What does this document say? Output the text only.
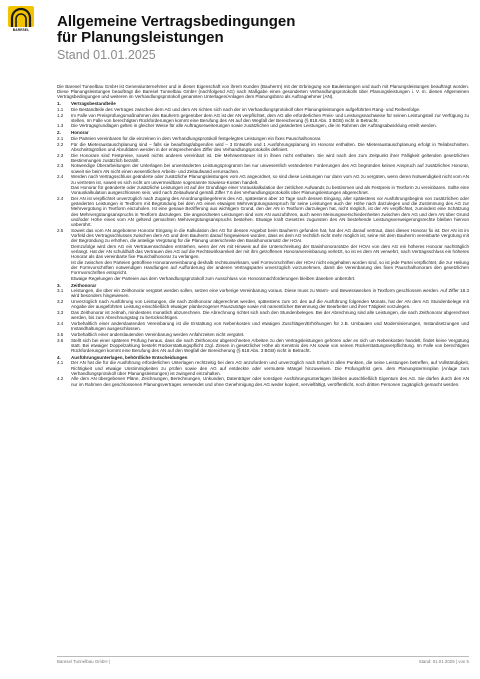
BARESEL	Allgemeine Vertragsbedingungen
für Planungsleistungen
Stand 01.01.2025
Die Baresel Tunnelbau GmbH ist Generalunternehmer und in dieser Eigenschaft von ihrem Kunden (Bauherrn) mit der Erbringung von Bauleistungen und auch mit Planungsleistungen beauftragt worden. Diese Planungsleistungen beauftragt die Baresel Tunnelbau GmbH (nachfolgend AG) nach Maßgabe eines gesonderten Verhandlungsprotokolls über Planungsleistungen i. V. m. diesen Allgemeinen Vertragsbedingungen und weiteren im Verhandlungsprotokoll genannten Unterlagen/Anlagen dem Planungsbüro als Auftragnehmer (AN).
1.	Vertragsbestandteile
1.1	Die Bestandteile des Vertrages zwischen dem AG und dem AN richten sich nach der im Verhandlungsprotokoll über Planungsleistungen aufgeführten Rang- und Reihenfolge.
1.2	Im Falle von Preisprüfungsmaßnahmen des Bauherrn gegenüber dem AG ist der AN verpflichtet, dem AG alle erforderlichen Preis- und Leistungsnachweise für seinen Leistungsteil zur Verfügung zu stellen. Im Falle von berechtigten Rückforderungen kommt eine Berufung des AN auf den Wegfall der Bereicherung (§ 818 Abs. 3 BGB) nicht in Betracht.
1.3	Die Vertragsgrundlagen gelten in gleicher Weise für alle Auftragserweiterungen sowie zusätzlichen und geänderten Leistungen, die im Rahmen der Auftragsabwicklung erteilt werden.
2.	Honorar
2.1	Die Parteien vereinbaren für die einzelnen in dem Verhandlungsprotokoll festgelegten Leistungen ein fixes Pauschalhonorar.
2.2	Für die Mieteraustauschplanung sind – falls sie beauftragt/abgerufen wird – 3 Entwürfe und 1 Ausführungsplanung im Honorar enthalten. Die Mieteraustauschplanung erfolgt in Teilabschnitten. Abschnittsgrößen und Abrufdaten werden in der entsprechenden Ziffer des Verhandlungsprotokolls definiert.
2.3	Die Honorare sind Festpreise, soweit nichts anderes vereinbart ist. Die Mehrwertsteuer ist in ihnen nicht enthalten. Sie wird nach den zum Zeitpunkt ihrer Fälligkeit geltenden gesetzlichen Bestimmungen zusätzlich bezahlt.
2.3	Notwendige Überarbeitungen der Unterlagen bei unveränderten Leistungsprogramm bei nur unwesentlich veränderten Forderungen des AG begründen keinen Anspruch auf zusätzliches Honorar, soweit sie beim AN nicht einen wesentlichen Arbeits- und Zeitaufwand verursachen.
2.4	Werden nach Vertragsschluss geänderte oder zusätzliche Planungsleistungen vom AG angeordnet, so sind diese Leistungen nur dann vom AG zu vergüten, wenn deren Notwendigkeit nicht vom AN zu vertreten ist, soweit es sich nicht um unvermeidbare sogenannte Sowieso-Kosten handelt.
Das Honorar für geänderte oder zusätzliche Leistungen ist auf der Grundlage einer Vorauskalkulation der zeitlichen Aufwands zu bestimmen und als Festpreis in Textform zu vereinbaren. Sollte eine Vorauskalkulation ausgeschlossen sein, wird nach Zeitaufwand gemäß Ziffer 7.6 des Verhandlungsprotokolls über Planungsleistungen abgerechnet.
2.4	Der AN ist verpflichtet unverzüglich nach Zugang des Anordnungsbegehrens des AG, spätestens aber 10 Tage nach dessen Eingang, aller spätestens vor Ausführungsbeginn von zusätzlichen oder geänderten Leistungen in Textform mit Begründung bei dem AG einen etwaigen Mehrvergütungsanspruch für seine Leistungen auch der Höhe nach darzulegen und die Zustimmung des AG zur Mehrvergütung in Textform einzuholen. Ist eine genaue Bezifferung aus wichtigem Grund, den der AN in Textform darzulegen hat, nicht möglich, ist der AN verpflichtet, zumindest eine Schätzung des Mehrvergütungsanspruchs in Textform darzulegen. Die angeordneten Leistungen sind vom AN auszuführen, auch wenn Meinungsverschiedenheiten zwischen dem AG und dem AN über Grund und/oder Höhe eines vom AN geltend gemachten Mehrvergütungsanspruchs bestehen. Etwaige kraft Gesetzes zugunsten des AN bestehende Leistungsverweigerungsrechte bleiben hiervon unberührt.
2.5	Soweit das vom AN angebotene Honorar Eingang in die Kalkulation des AG für dessen Angebot beim Bauherrn gefunden hat, hat der AG darauf vertraut, dass dieses Honorar fix ist. Der AN ist im Vorfeld des Vertragsschlusses zwischen dem AG und dem Bauherrn darauf hingewiesen worden, dass es dem AG rechtlich nicht mehr möglich ist, seine mit dem Bauherrn vereinbarte Vergütung mit der Begründung zu erhöhen, die anteilige Vergütung für die Planung unterschreite den Basishonorarsatz der HOAI.
Demzufolge wird dem AG ein Vertrauensschaden entstehen, wenn der AN mit Hinweis auf die Unterschreitung der Basishonorarsätze der HOAI von dem AG ein höheres Honorar nachträglich verlangt. Hat der AN schuldhaft das Vertrauen des AG auf die Rechtswirksamkeit der mit ihm getroffenen Honorarvereinbarung verletzt, so ist es dem AN verwehrt, nach Vertragsschluss ein höheres Honorar als das vereinbarte fixe Pauschalhonorar zu verlangen.
Ist die zwischen den Parteien getroffene Honorarvereinbarung deshalb rechtsunwirksam, weil Formvorschriften der HOAI nicht eingehalten worden sind, so ist jede Partei verpflichtet, die zur Heilung der Formvorschriften notwendigen Handlungen auf Aufforderung der anderen Vertragspartei unverzüglich vorzunehmen, damit die Vereinbarung des fixen Pauschalhonorars den gesetzlichen Formvorschriften entspricht.
Etwaige Regelungen der Parteien aus dem Verhandlungsprotokoll zum Ausschluss von Honorarnachforderungen bleiben daneben unberührt.
3.	Zeithonorar
3.1	Leistungen, die über ein Zeithonorar vergütet werden sollen, setzen eine vorherige Vereinbarung voraus. Diese muss zu Warm- und Bewesswecken in Textform geschlossen werden. Auf Ziffer 18.3 wird besonders hingewiesen.
3.2	Unverzüglich nach Ausführung von Leistungen, die nach Zeithonorar abgerechnet werden, spätestens zum 10. des auf die Ausführung folgenden Monats, hat der AN dem AG Stundenbelege mit Angabe der ausgeführten Leistung einschließlich etwaiger planbezogener Pauszuträge sowie mit namentlicher Benennung der Bearbeiter und ihrer Tätigkeit vorzulegen.
3.3	Das Zeithonorar ist zeitnah, mindestens monatlich abzurechnen. Die Abrechnung richtet sich nach den Stundenbelegen. Bei der Abrechnung sind alle Leistungen, die nach Zeithonorar abgerechnet werden, bis zum Abrechnungstag zu berücksichtigen.
3.4	Vorbehaltlich einer anderslautenden Vereinbarung ist die Erstattung von Nebenkosten und etwaigen Zuschlägen/Erhöhungen für z.B. Umbauten und Modernisierungen, Instandsetzungen und Instandhaltungen ausgeschlossen.
3.5	Vorbehaltlich einer anderslautenden Vereinbarung werden Anfahrzeiten nicht vergütet.
3.6	Stellt sich bei einer späteren Prüfung heraus, dass die nach Zeithonorar abgerechneten Arbeiten zu den Vertragsleistungen gehören oder es sich um Nebenkosten handelt, findet keine Vergütung statt. Bei etwaiger Doppelzahlung besteht Rückerstattungspflicht zzgl. Zinsen in gesetzlicher Höhe ab Kenntnis des AN sowie von seinen Rückerstattungsverpflichtung. Im Falle von berechtigten Rückforderungen kommt eine Berufung des AN auf den Wegfall der Bereicherung (§ 818 Abs. 3 BGB) nicht in Betracht.
4.	Ausführungsunterlagen, behördliche Entscheidungen
4.1	Der AN hat die für die Ausführung erforderlichen Unterlagen rechtzeitig bei dem AG anzufordern und unverzüglich nach Erhalt in allen Punkten, die seine Leistungen betreffen, auf Vollständigkeit, Richtigkeit und etwaige Unstimmigkeiten zu prüfen sowie den AG auf entdeckte oder vermutete Mängel hinzuweisen. Die Prüfungsfrist gem. dem Planungsterminplan (Anlage zum Verhandlungsprotokoll über Planungsleistungen) ist zwingend einzuhalten.
4.2	Alle dem AN übergebenen Pläne, Zeichnungen, Berechnungen, Unkunden, Datenträger oder sonstigen Ausführungsunterlagen bleiben ausschließlich Eigentum des AG. Sie dürfen durch den AN nur im Rahmen des geschlossenen Planungsvertrages verwendet und ohne Genehmigung des AG weder kopiert, vervielfältigt, veröffentlicht, noch dritten Personen zugänglich gemacht werden.
Baresel Tunnelbau GmbH |	Stand: 01.01.2025 | von 5
